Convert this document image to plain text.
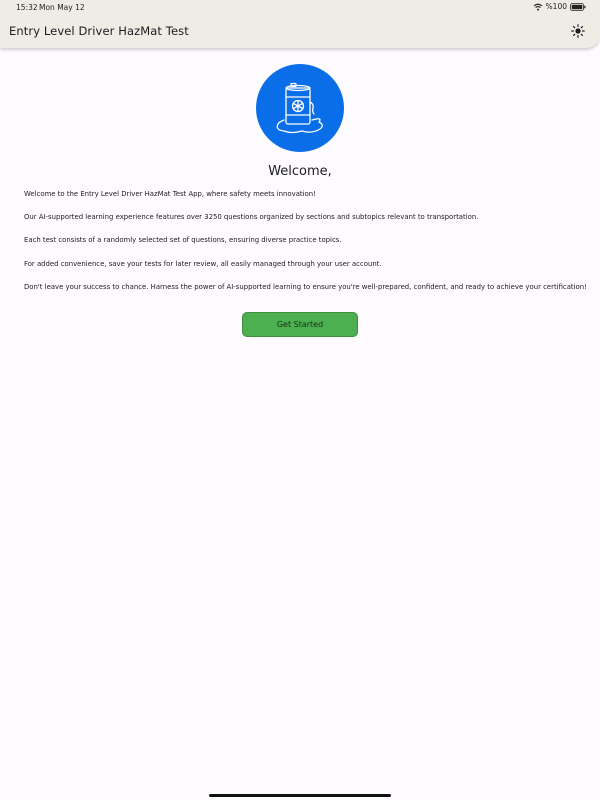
15:32 Mon May 12	%100
Entry Level Driver HazMat Test
Welcome,

Welcome to the Entry Level Driver HazMat Test App, where safety meets innovation!

Our AI-supported learning experience features over 3250 questions organized by sections and subtopics relevant to transportation.

Each test consists of a randomly selected set of questions, ensuring diverse practice topics.

For added convenience, save your tests for later review, all easily managed through your user account.

Don't leave your success to chance. Harness the power of AI-supported learning to ensure you're well-prepared, confident, and ready to achieve your certification!

Get Started
